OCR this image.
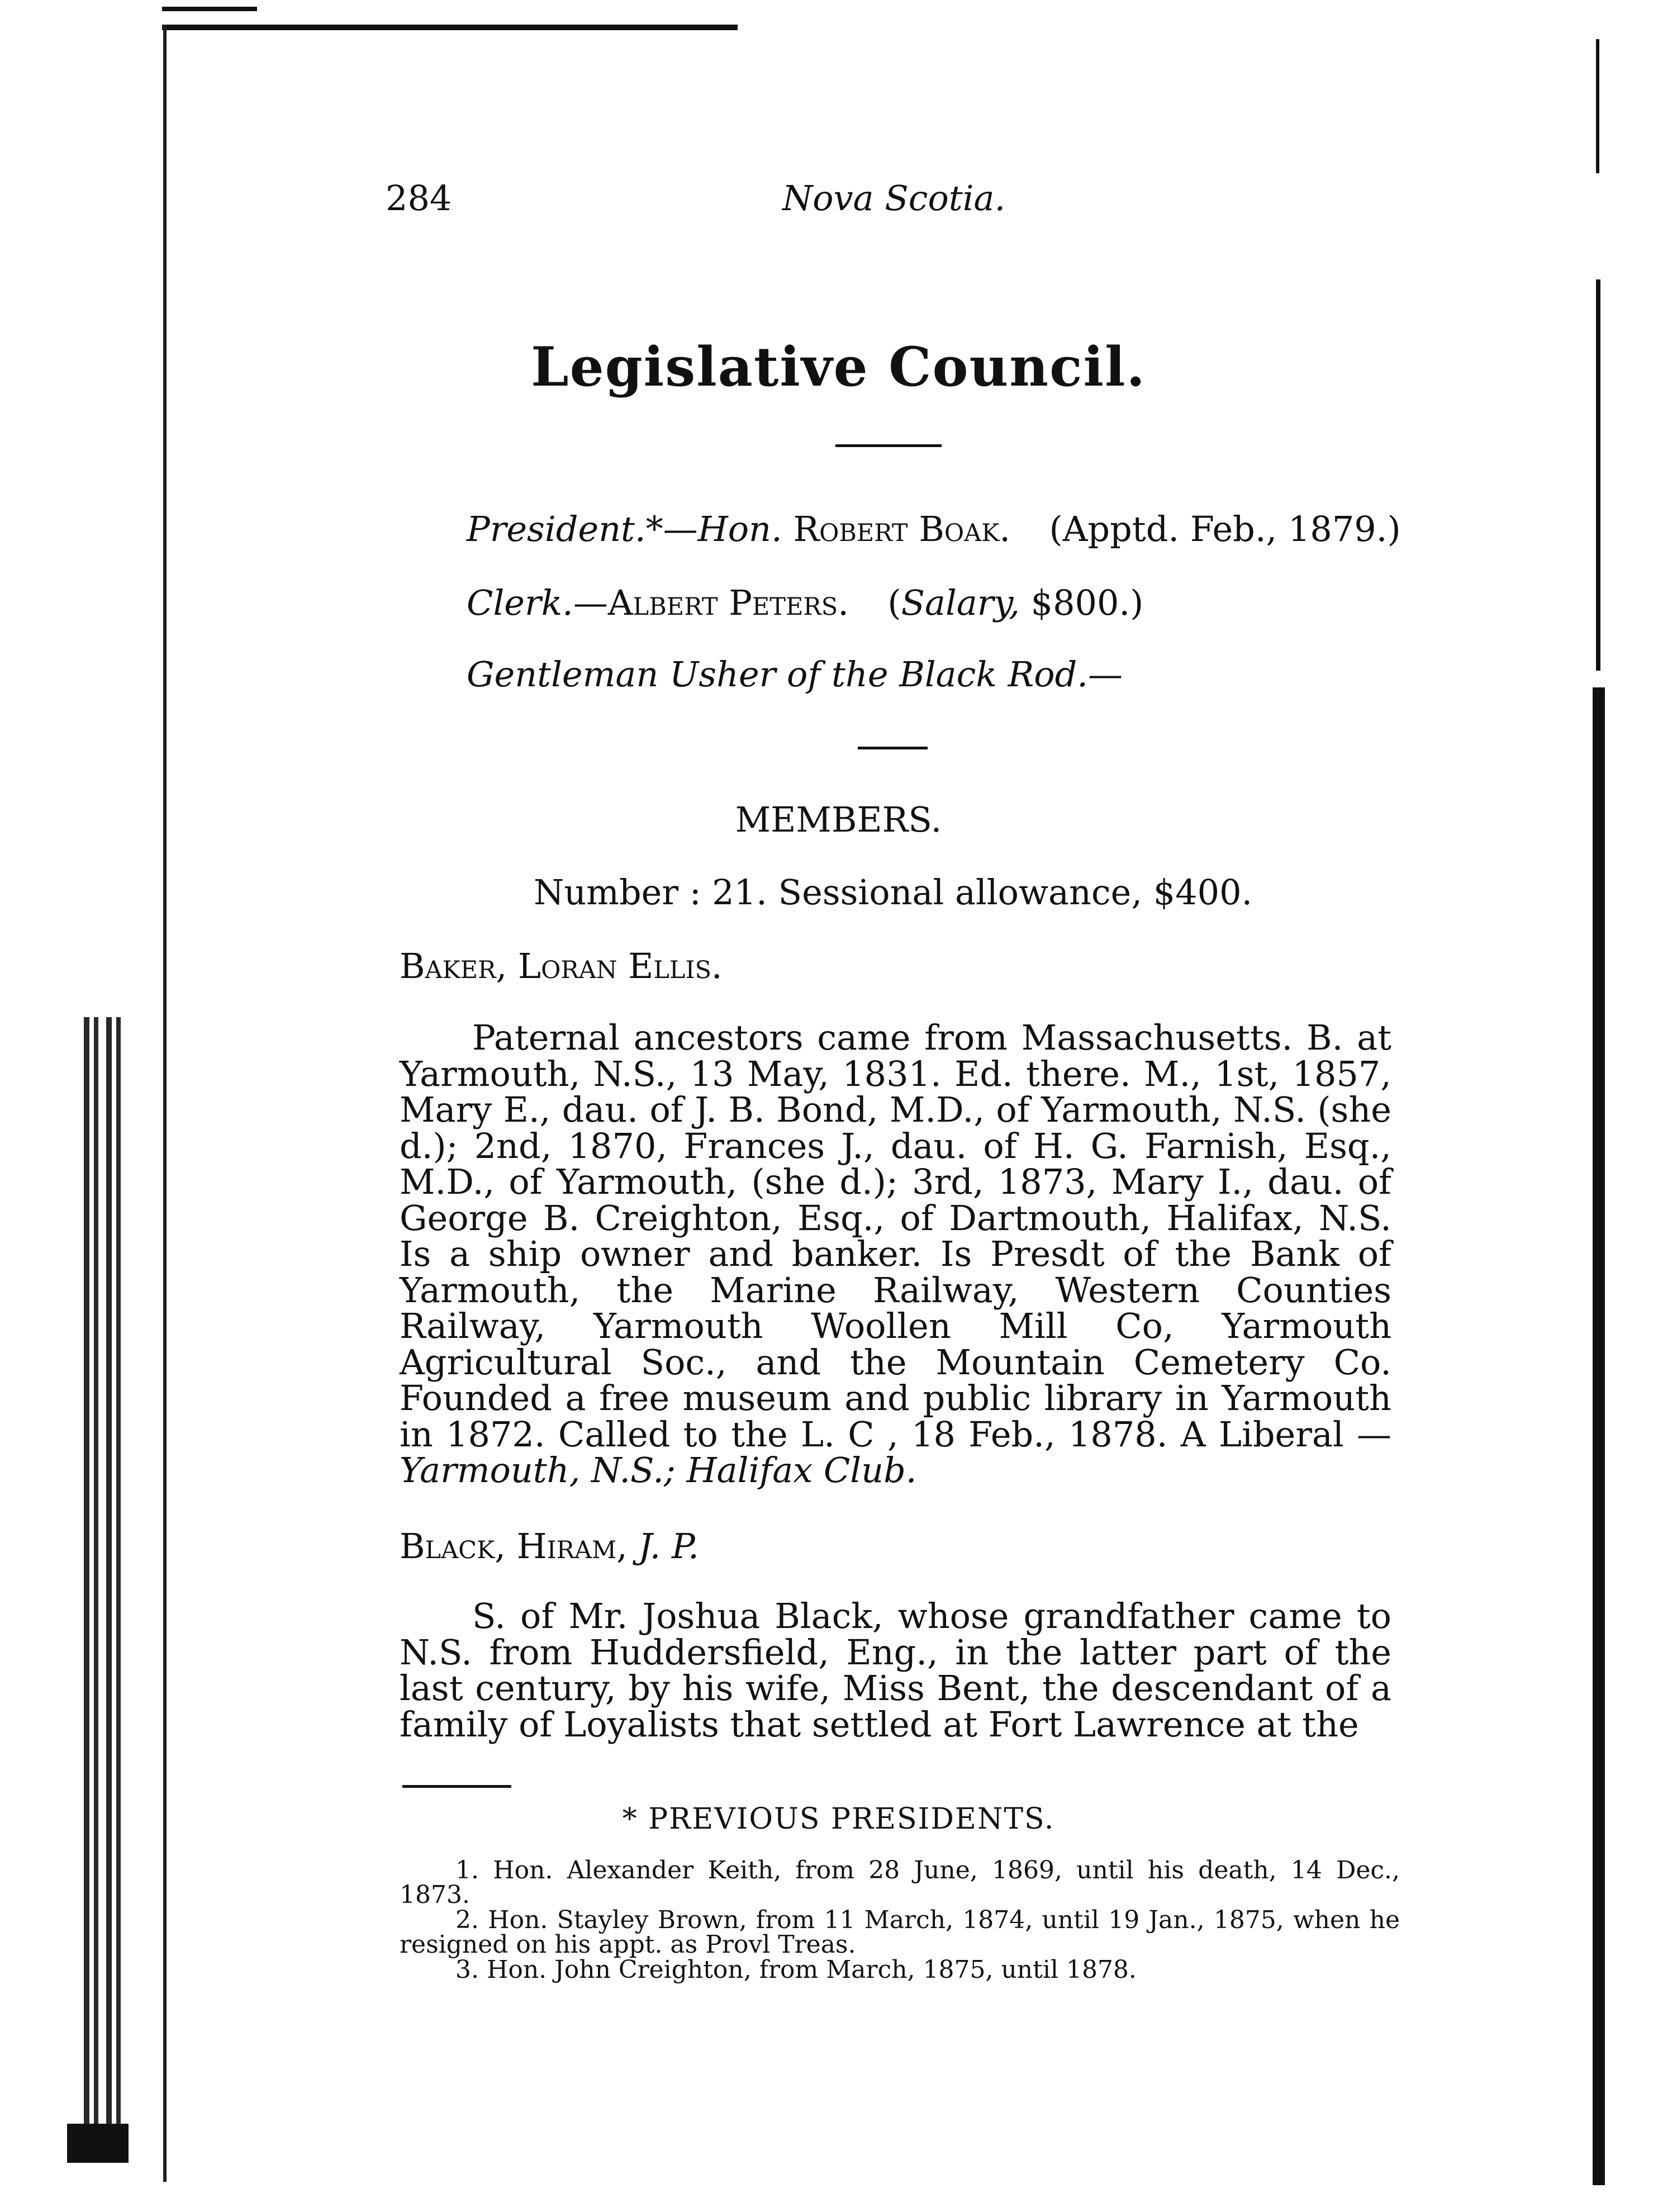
284	Nova Scotia.
Legislative Council.
President.*—Hon. Robert Boak. (Apptd. Feb., 1879.)
Clerk.—Albert Peters. (Salary, $800.)
Gentleman Usher of the Black Rod.—
MEMBERS.
Number : 21. Sessional allowance, $400.
Baker, Loran Ellis.
Paternal ancestors came from Massachusetts. B. at Yarmouth, N.S., 13 May, 1831. Ed. there. M., 1st, 1857, Mary E., dau. of J. B. Bond, M.D., of Yarmouth, N.S. (she d.); 2nd, 1870, Frances J., dau. of H. G. Farnish, Esq., M.D., of Yarmouth, (she d.); 3rd, 1873, Mary I., dau. of George B. Creighton, Esq., of Dartmouth, Halifax, N.S. Is a ship owner and banker. Is Presdt of the Bank of Yarmouth, the Marine Railway, Western Counties Railway, Yarmouth Woollen Mill Co, Yarmouth Agricultural Soc., and the Mountain Cemetery Co. Founded a free museum and public library in Yarmouth in 1872. Called to the L. C , 18 Feb., 1878. A Liberal —Yarmouth, N.S.; Halifax Club.
Black, Hiram, J. P.
S. of Mr. Joshua Black, whose grandfather came to N.S. from Huddersfield, Eng., in the latter part of the last century, by his wife, Miss Bent, the descendant of a family of Loyalists that settled at Fort Lawrence at the
* PREVIOUS PRESIDENTS.
1. Hon. Alexander Keith, from 28 June, 1869, until his death, 14 Dec., 1873.
2. Hon. Stayley Brown, from 11 March, 1874, until 19 Jan., 1875, when he resigned on his appt. as Provl Treas.
3. Hon. John Creighton, from March, 1875, until 1878.
